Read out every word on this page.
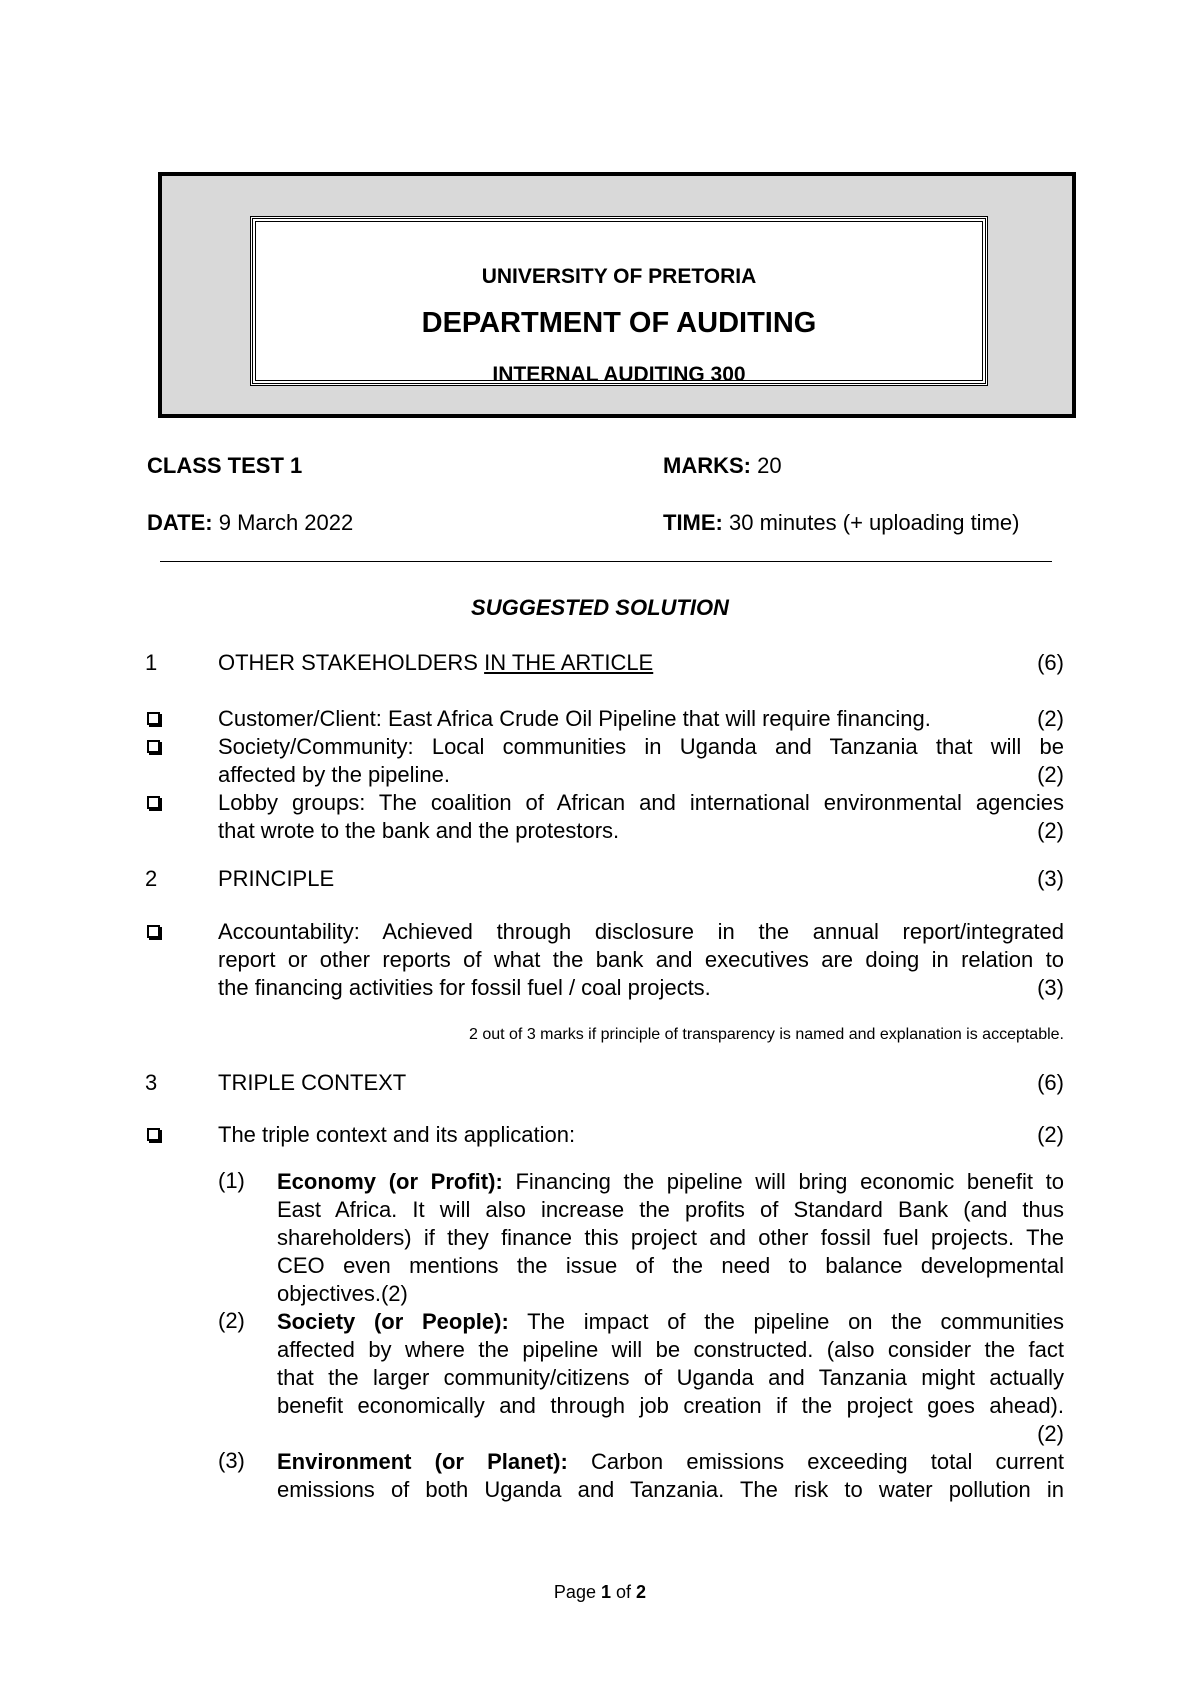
UNIVERSITY OF PRETORIA
DEPARTMENT OF AUDITING
INTERNAL AUDITING 300
CLASS TEST 1	MARKS: 20
DATE: 9 March 2022	TIME: 30 minutes (+ uploading time)
SUGGESTED SOLUTION
1	OTHER STAKEHOLDERS IN THE ARTICLE	(6)
Customer/Client: East Africa Crude Oil Pipeline that will require financing.	(2)
Society/Community: Local communities in Uganda and Tanzania that will be
affected by the pipeline.	(2)
Lobby groups: The coalition of African and international environmental agencies
that wrote to the bank and the protestors.	(2)
2	PRINCIPLE	(3)
Accountability: Achieved through disclosure in the annual report/integrated
report or other reports of what the bank and executives are doing in relation to
the financing activities for fossil fuel / coal projects.	(3)
2 out of 3 marks if principle of transparency is named and explanation is acceptable.
3	TRIPLE CONTEXT	(6)
The triple context and its application:	(2)
(1) Economy (or Profit): Financing the pipeline will bring economic benefit to
East Africa. It will also increase the profits of Standard Bank (and thus
shareholders) if they finance this project and other fossil fuel projects. The
CEO even mentions the issue of the need to balance developmental
objectives.(2)
(2) Society (or People): The impact of the pipeline on the communities
affected by where the pipeline will be constructed. (also consider the fact
that the larger community/citizens of Uganda and Tanzania might actually
benefit economically and through job creation if the project goes ahead).
(2)
(3) Environment (or Planet): Carbon emissions exceeding total current
emissions of both Uganda and Tanzania. The risk to water pollution in
Page 1 of 2
